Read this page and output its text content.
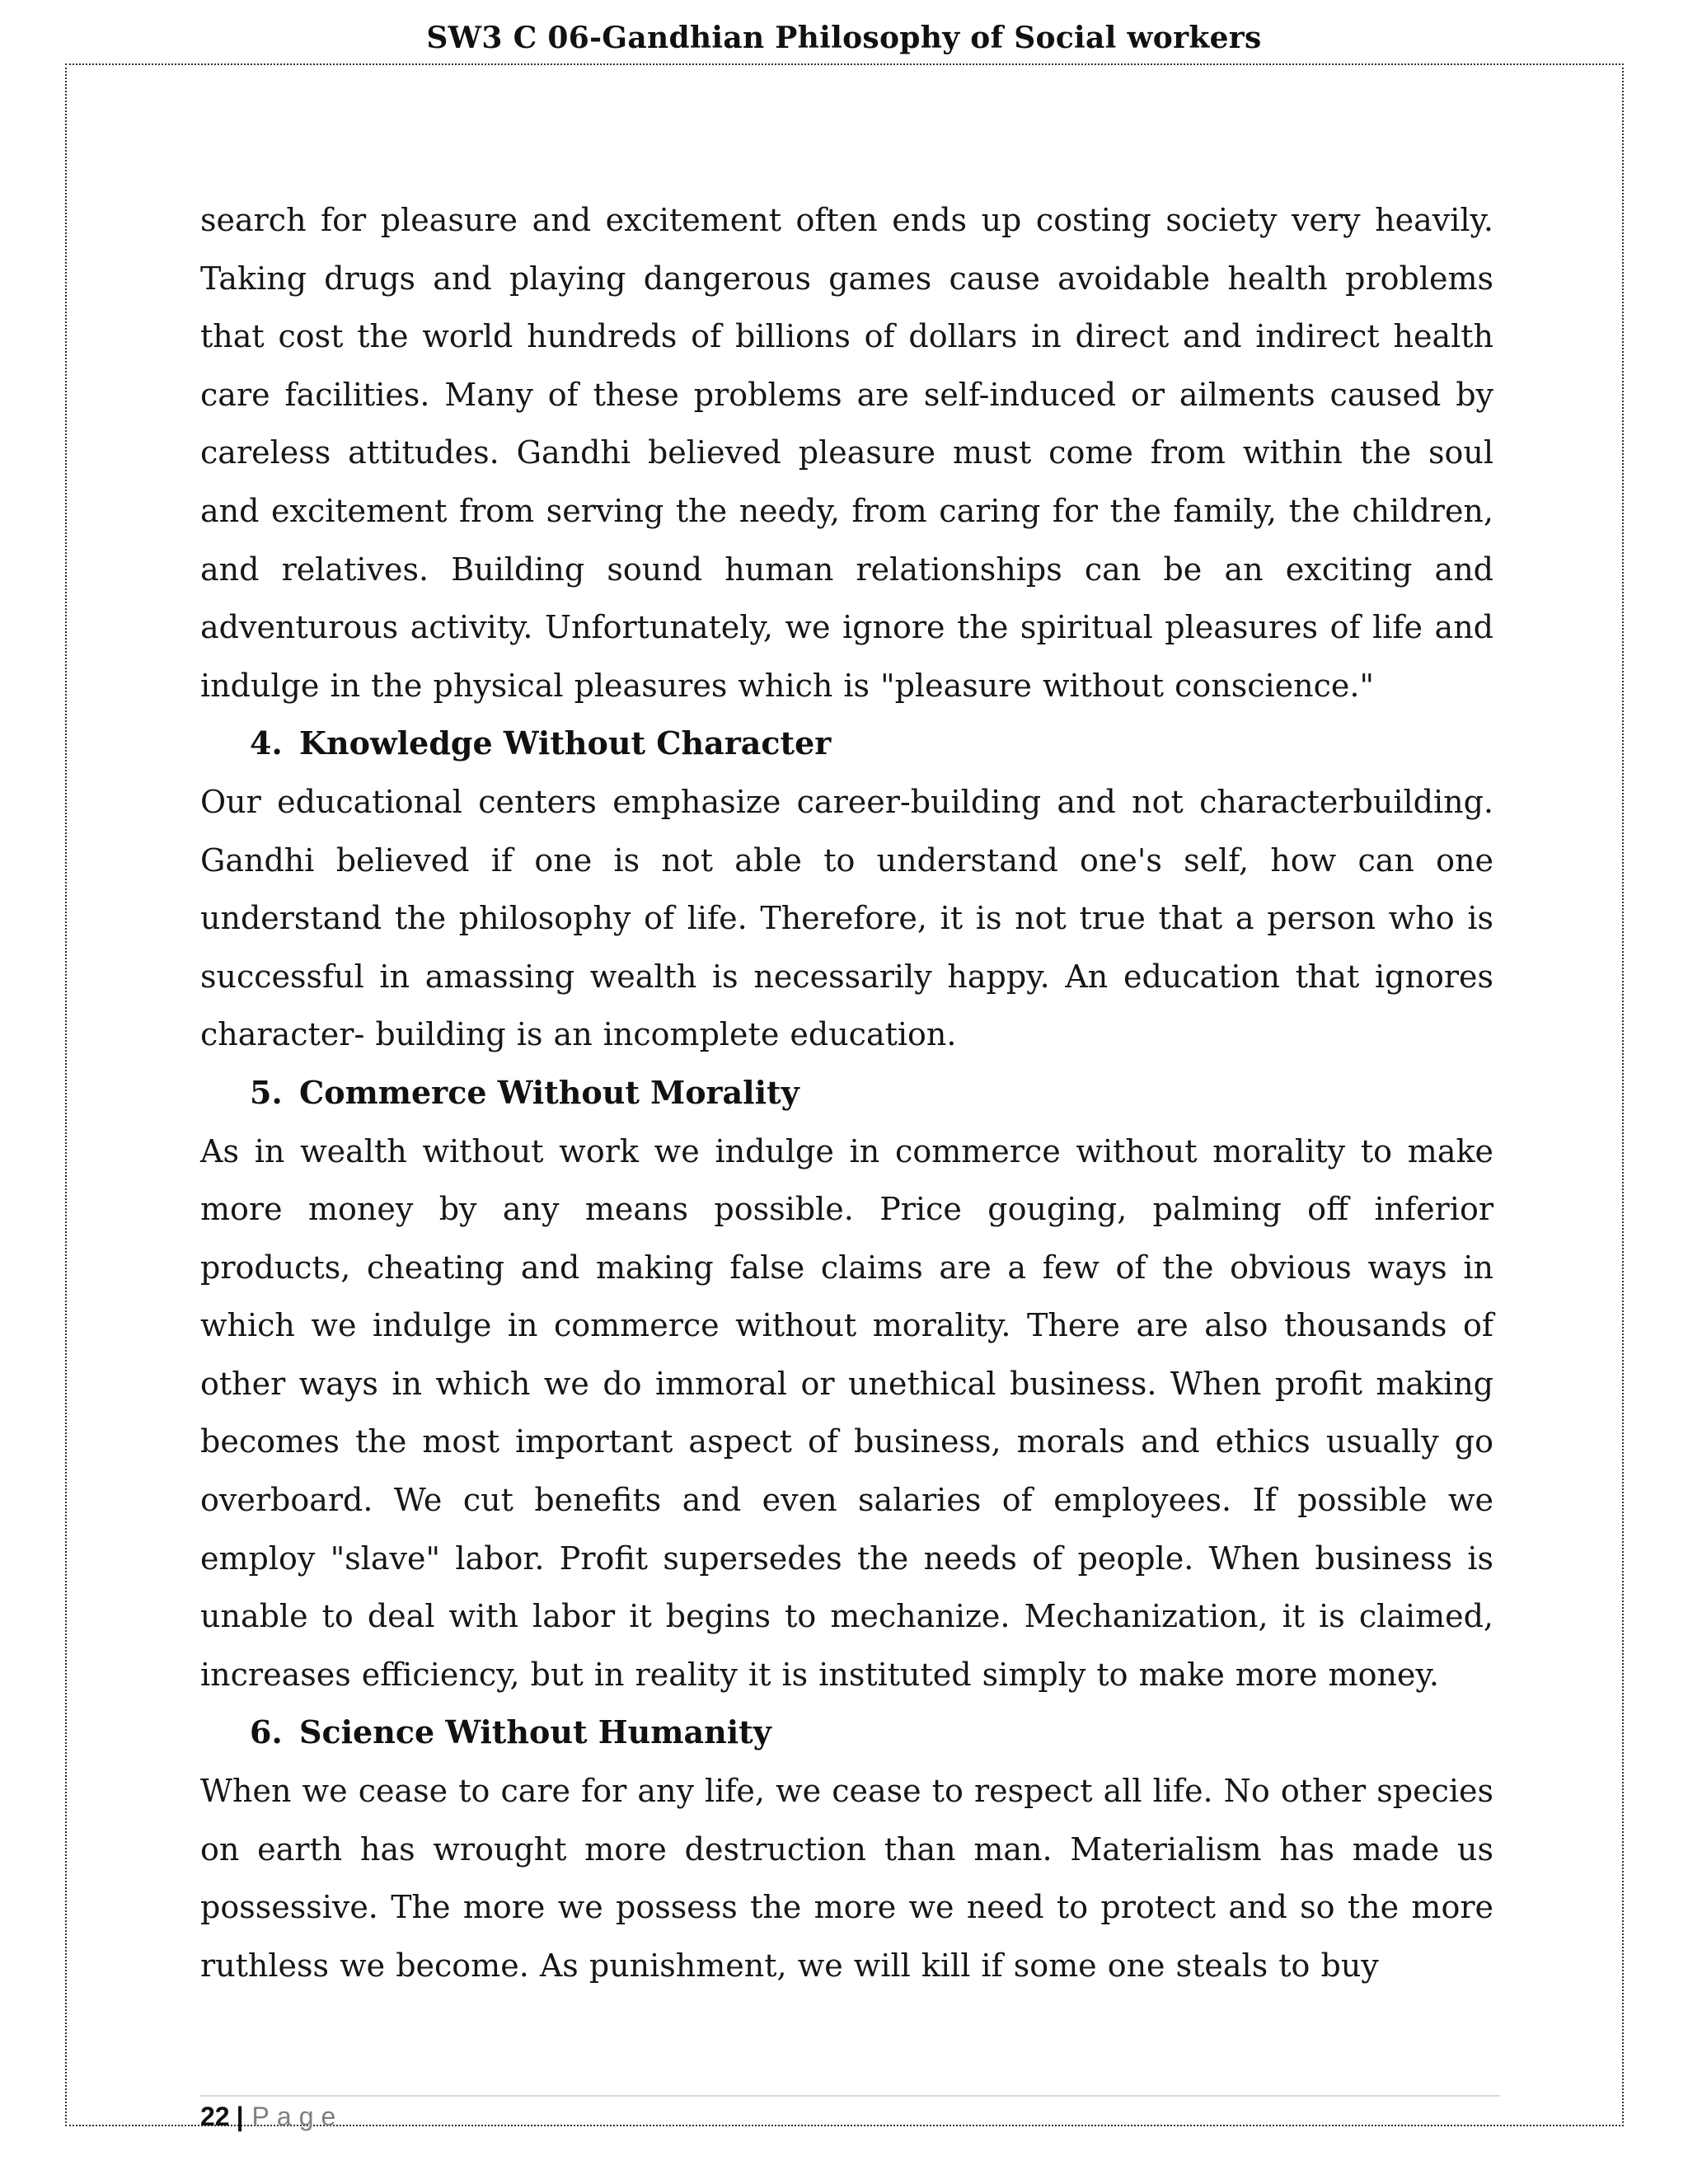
SW3 C 06-Gandhian Philosophy of Social workers

search for pleasure and excitement often ends up costing society very heavily. Taking drugs and playing dangerous games cause avoidable health problems that cost the world hundreds of billions of dollars in direct and indirect health care facilities. Many of these problems are self-induced or ailments caused by careless attitudes. Gandhi believed pleasure must come from within the soul and excitement from serving the needy, from caring for the family, the children, and relatives. Building sound human relationships can be an exciting and adventurous activity. Unfortunately, we ignore the spiritual pleasures of life and indulge in the physical pleasures which is "pleasure without conscience."

4. Knowledge Without Character

Our educational centers emphasize career-building and not characterbuilding. Gandhi believed if one is not able to understand one's self, how can one understand the philosophy of life. Therefore, it is not true that a person who is successful in amassing wealth is necessarily happy. An education that ignores character- building is an incomplete education.

5. Commerce Without Morality

As in wealth without work we indulge in commerce without morality to make more money by any means possible. Price gouging, palming off inferior products, cheating and making false claims are a few of the obvious ways in which we indulge in commerce without morality. There are also thousands of other ways in which we do immoral or unethical business. When profit making becomes the most important aspect of business, morals and ethics usually go overboard. We cut benefits and even salaries of employees. If possible we employ "slave" labor. Profit supersedes the needs of people. When business is unable to deal with labor it begins to mechanize. Mechanization, it is claimed, increases efficiency, but in reality it is instituted simply to make more money.

6. Science Without Humanity

When we cease to care for any life, we cease to respect all life. No other species on earth has wrought more destruction than man. Materialism has made us possessive. The more we possess the more we need to protect and so the more ruthless we become. As punishment, we will kill if some one steals to buy

22 | Page
